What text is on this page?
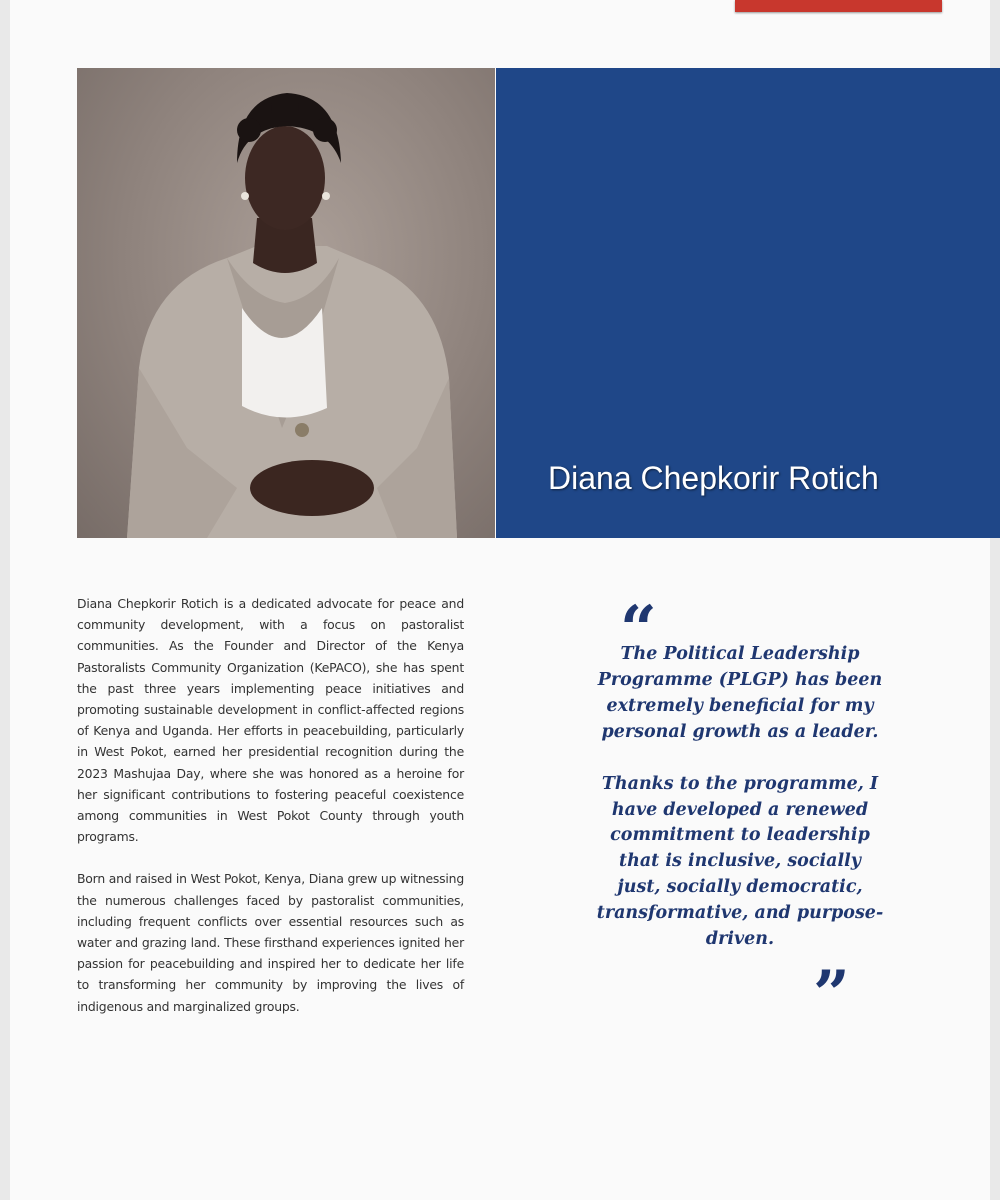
Diana Chepkorir Rotich

Diana Chepkorir Rotich is a dedicated advocate for peace and community development, with a focus on pastoralist communities. As the Founder and Director of the Kenya Pastoralists Community Organization (KePACO), she has spent the past three years implementing peace initiatives and promoting sustainable development in conflict-affected regions of Kenya and Uganda. Her efforts in peacebuilding, particularly in West Pokot, earned her presidential recognition during the 2023 Mashujaa Day, where she was honored as a heroine for her significant contributions to fostering peaceful coexistence among communities in West Pokot County through youth programs.

Born and raised in West Pokot, Kenya, Diana grew up witnessing the numerous challenges faced by pastoralist communities, including frequent conflicts over essential resources such as water and grazing land. These firsthand experiences ignited her passion for peacebuilding and inspired her to dedicate her life to transforming her community by improving the lives of indigenous and marginalized groups.

“

The Political Leadership Programme (PLGP) has been extremely beneficial for my personal growth as a leader.

Thanks to the programme, I have developed a renewed commitment to leadership that is inclusive, socially just, socially democratic, transformative, and purpose-driven.

”
